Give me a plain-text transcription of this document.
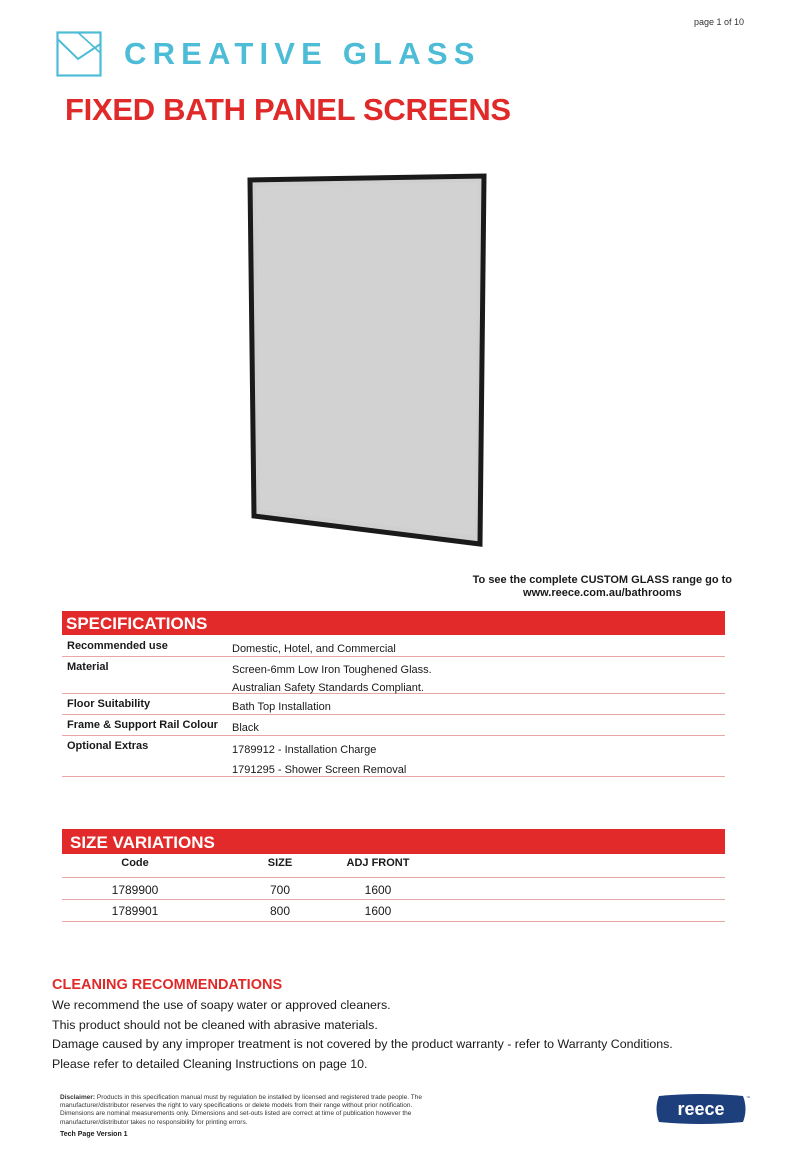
page 1 of 10
CREATIVE GLASS
FIXED BATH PANEL SCREENS
To see the complete CUSTOM GLASS range go to
www.reece.com.au/bathrooms
SPECIFICATIONS
Recommended use	Domestic, Hotel, and Commercial
Material	Screen-6mm Low Iron Toughened Glass.
Australian Safety Standards Compliant.
Floor Suitability	Bath Top Installation
Frame & Support Rail Colour Black
Optional Extras	1789912 - Installation Charge
1791295 - Shower Screen Removal
SIZE VARIATIONS
Code	SIZE	ADJ FRONT
1789900	700	1600
1789901	800	1600
CLEANING RECOMMENDATIONS
We recommend the use of soapy water or approved cleaners.
This product should not be cleaned with abrasive materials.
Damage caused by any improper treatment is not covered by the product warranty - refer to Warranty Conditions.
Please refer to detailed Cleaning Instructions on page 10.
Disclaimer: Products in this specification manual must by regulation be installed by licensed and registered trade people. The manufacturer/distributor reserves the right to vary specifications or delete models from their range without prior notification. Dimensions are nominal measurements only. Dimensions and set-outs listed are correct at time of publication however the manufacturer/distributor takes no responsibility for printing errors.
Tech Page Version 1
reece
™
